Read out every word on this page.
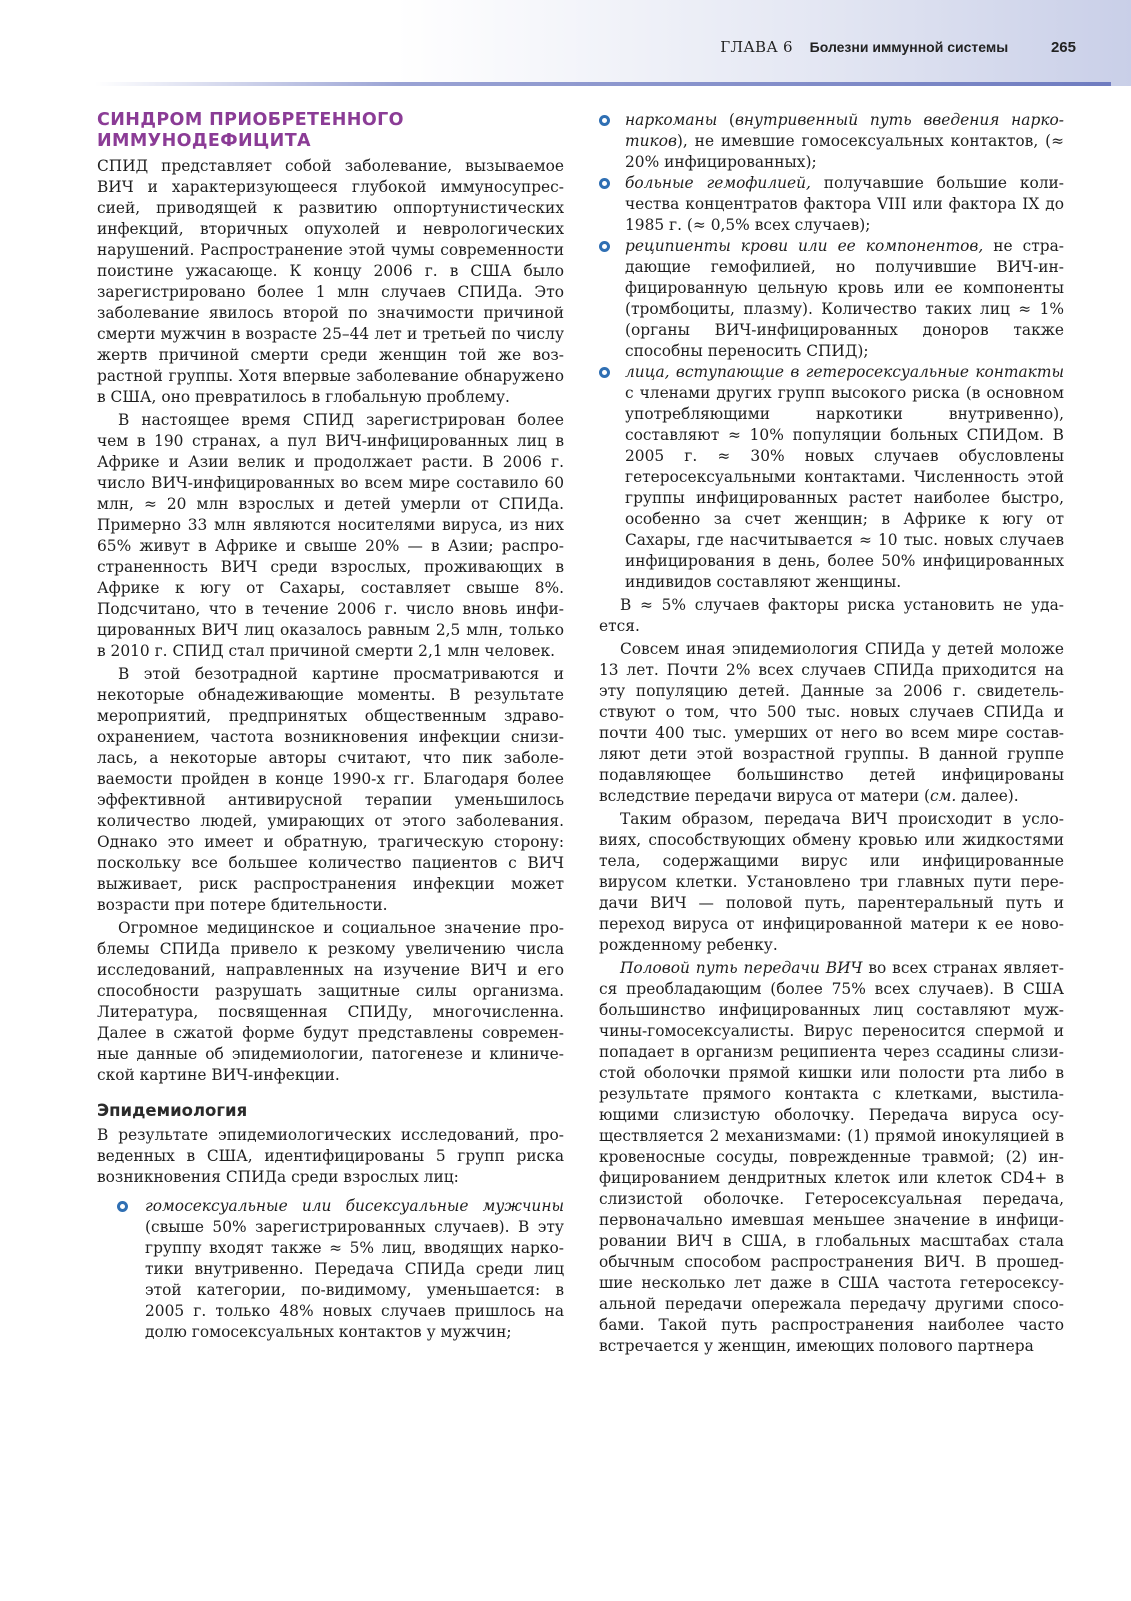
ГЛАВА 6 Болезни иммунной системы	265
СИНДРОМ ПРИОБРЕТЕННОГО ИММУНОДЕФИЦИТА

СПИД представляет собой заболевание, вызываемое ВИЧ и характеризующееся глубокой иммуносупрессией, приводящей к развитию оппортунистических инфекций, вторичных опухолей и неврологических нарушений. Распространение этой чумы современности поистине ужасающе. К концу 2006 г. в США было зарегистрировано более 1 млн случаев СПИДа. Это заболевание явилось второй по значимости причиной смерти мужчин в возрасте 25–44 лет и третьей по числу жертв причиной смерти среди женщин той же возрастной группы. Хотя впервые заболевание обнаружено в США, оно превратилось в глобальную проблему.

В настоящее время СПИД зарегистрирован более чем в 190 странах, а пул ВИЧ-инфицированных лиц в Африке и Азии велик и продолжает расти. В 2006 г. число ВИЧ-инфицированных во всем мире составило 60 млн, ≈ 20 млн взрослых и детей умерли от СПИДа. Примерно 33 млн являются носителями вируса, из них 65% живут в Африке и свыше 20% — в Азии; распространенность ВИЧ среди взрослых, проживающих в Африке к югу от Сахары, составляет свыше 8%. Подсчитано, что в течение 2006 г. число вновь инфицированных ВИЧ лиц оказалось равным 2,5 млн, только в 2010 г. СПИД стал причиной смерти 2,1 млн человек.

В этой безотрадной картине просматриваются и некоторые обнадеживающие моменты. В результате мероприятий, предпринятых общественным здравоохранением, частота возникновения инфекции снизилась, а некоторые авторы считают, что пик заболеваемости пройден в конце 1990-х гг. Благодаря более эффективной антивирусной терапии уменьшилось количество людей, умирающих от этого заболевания. Однако это имеет и обратную, трагическую сторону: поскольку все большее количество пациентов с ВИЧ выживает, риск распространения инфекции может возрасти при потере бдительности.

Огромное медицинское и социальное значение проблемы СПИДа привело к резкому увеличению числа исследований, направленных на изучение ВИЧ и его способности разрушать защитные силы организма. Литература, посвященная СПИДу, многочисленна. Далее в сжатой форме будут представлены современные данные об эпидемиологии, патогенезе и клинической картине ВИЧ-инфекции.

Эпидемиология

В результате эпидемиологических исследований, проведенных в США, идентифицированы 5 групп риска возникновения СПИДа среди взрослых лиц:

гомосексуальные или бисексуальные мужчины (свыше 50% зарегистрированных случаев). В эту группу входят также ≈ 5% лиц, вводящих наркотики внутривенно. Передача СПИДа среди лиц этой категории, по-видимому, уменьшается: в 2005 г. только 48% новых случаев пришлось на долю гомосексуальных контактов у мужчин;
наркоманы (внутривенный путь введения наркотиков), не имевшие гомосексуальных контактов, (≈ 20% инфицированных);
больные гемофилией, получавшие большие количества концентратов фактора VIII или фактора IX до 1985 г. (≈ 0,5% всех случаев);
реципиенты крови или ее компонентов, не страдающие гемофилией, но получившие ВИЧ-инфицированную цельную кровь или ее компоненты (тромбоциты, плазму). Количество таких лиц ≈ 1% (органы ВИЧ-инфицированных доноров также способны переносить СПИД);
лица, вступающие в гетеросексуальные контакты с членами других групп высокого риска (в основном употребляющими наркотики внутривенно), составляют ≈ 10% популяции больных СПИДом. В 2005 г. ≈ 30% новых случаев обусловлены гетеросексуальными контактами. Численность этой группы инфицированных растет наиболее быстро, особенно за счет женщин; в Африке к югу от Сахары, где насчитывается ≈ 10 тыс. новых случаев инфицирования в день, более 50% инфицированных индивидов составляют женщины.

В ≈ 5% случаев факторы риска установить не удается.

Совсем иная эпидемиология СПИДа у детей моложе 13 лет. Почти 2% всех случаев СПИДа приходится на эту популяцию детей. Данные за 2006 г. свидетельствуют о том, что 500 тыс. новых случаев СПИДа и почти 400 тыс. умерших от него во всем мире составляют дети этой возрастной группы. В данной группе подавляющее большинство детей инфицированы вследствие передачи вируса от матери (см. далее).

Таким образом, передача ВИЧ происходит в условиях, способствующих обмену кровью или жидкостями тела, содержащими вирус или инфицированные вирусом клетки. Установлено три главных пути передачи ВИЧ — половой путь, парентеральный путь и переход вируса от инфицированной матери к ее новорожденному ребенку.

Половой путь передачи ВИЧ во всех странах является преобладающим (более 75% всех случаев). В США большинство инфицированных лиц составляют мужчины-гомосексуалисты. Вирус переносится спермой и попадает в организм реципиента через ссадины слизистой оболочки прямой кишки или полости рта либо в результате прямого контакта с клетками, выстилающими слизистую оболочку. Передача вируса осуществляется 2 механизмами: (1) прямой инокуляцией в кровеносные сосуды, поврежденные травмой; (2) инфицированием дендритных клеток или клеток CD4+ в слизистой оболочке. Гетеросексуальная передача, первоначально имевшая меньшее значение в инфицировании ВИЧ в США, в глобальных масштабах стала обычным способом распространения ВИЧ. В прошедшие несколько лет даже в США частота гетеросексуальной передачи опережала передачу другими способами. Такой путь распространения наиболее часто встречается у женщин, имеющих полового партнера
